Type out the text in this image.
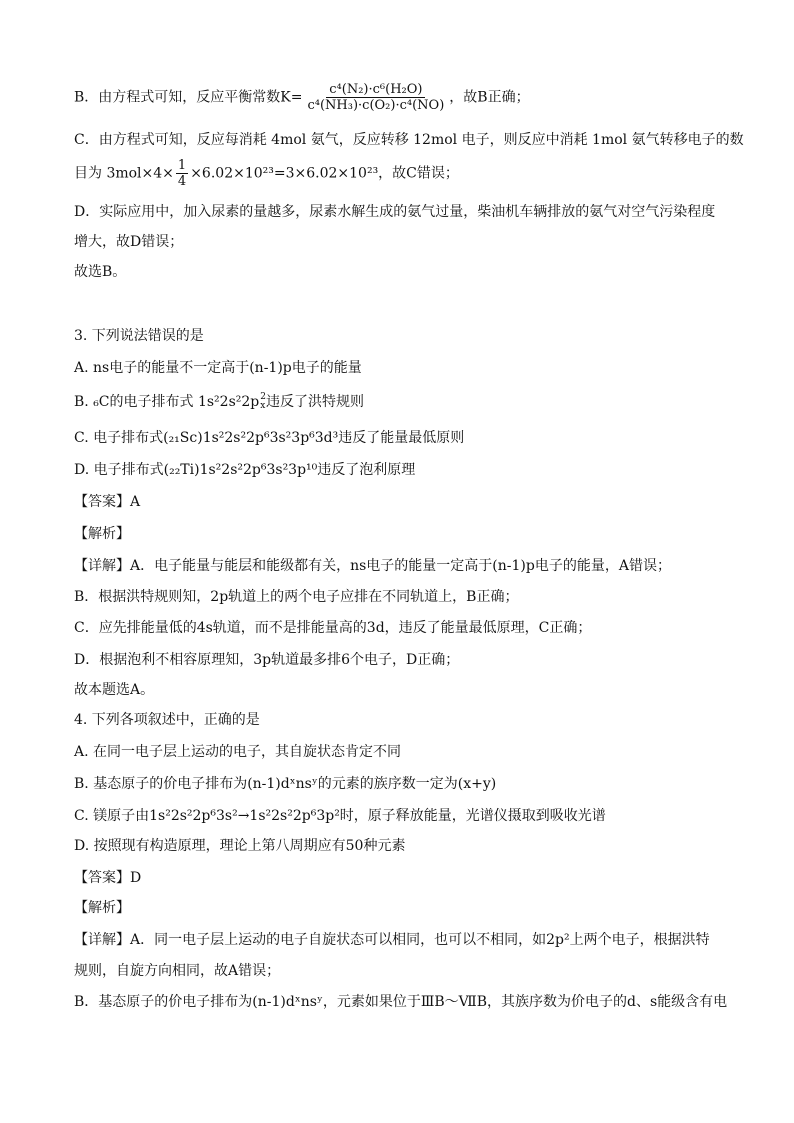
B．由方程式可知，反应平衡常数$K= \frac{\text{c⁴(N₂)·c⁶(H₂O)}}{\text{c⁴(NH₃)·c(O₂)·c⁴(NO)}}$ ，故B正确；
C．由方程式可知，反应每消耗 4mol 氨气，反应转移 12mol 电子，则反应中消耗 1mol 氨气转移电子的数
目为 $3mol\times 4\times \frac{1}{4} \times 6.02\times 10^{23}=3\times 6.02\times 10^{23}$，故C错误；
D．实际应用中，加入尿素的量越多，尿素水解生成的氨气过量，柴油机车辆排放的氨气对空气污染程度
增大，故D错误；
故选B。
3. 下列说法错误的是
A. ns电子的能量不一定高于(n-1)p电子的能量
B. ₆C的电子排布式 1s²2s²2p 2
x 违反了洪特规则
C. 电子排布式(₂₁Sc)1s²2s²2p⁶3s²3p⁶3d³违反了能量最低原则
D. 电子排布式(₂₂Ti)1s²2s²2p⁶3s²3p¹⁰违反了泡利原理
【答案】A
【解析】
【详解】A．电子能量与能层和能级都有关，ns电子的能量一定高于(n-1)p电子的能量，A错误；
B．根据洪特规则知，2p轨道上的两个电子应排在不同轨道上，B正确；
C．应先排能量低的4s轨道，而不是排能量高的3d，违反了能量最低原理，C正确；
D．根据泡利不相容原理知，3p轨道最多排6个电子，D正确；
故本题选A。
4. 下列各项叙述中，正确的是
A. 在同一电子层上运动的电子，其自旋状态肯定不同
B. 基态原子的价电子排布为(n-1)dˣnsʸ的元素的族序数一定为(x+y)
C. 镁原子由1s²2s²2p⁶3s²→1s²2s²2p⁶3p²时，原子释放能量，光谱仪摄取到吸收光谱
D. 按照现有构造原理，理论上第八周期应有50种元素
【答案】D
【解析】
【详解】A．同一电子层上运动的电子自旋状态可以相同，也可以不相同，如2p²上两个电子，根据洪特
规则，自旋方向相同，故A错误；
B．基态原子的价电子排布为(n-1)dˣnsʸ，元素如果位于ⅢB～ⅦB，其族序数为价电子的d、s能级含有电
